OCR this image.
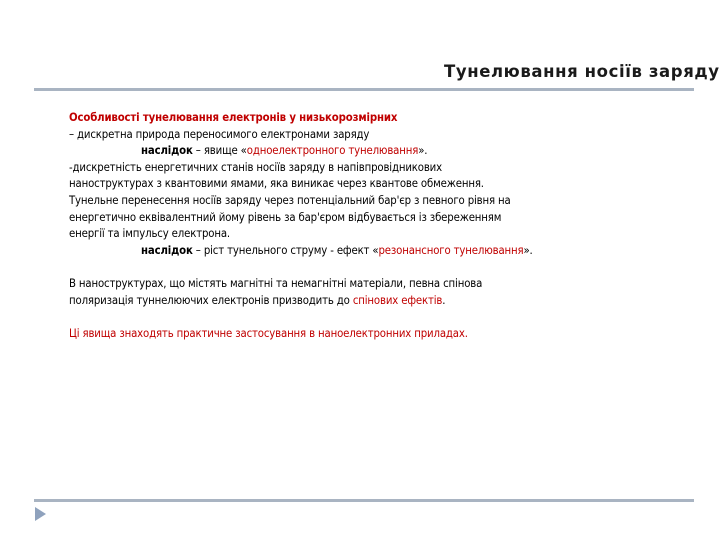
Тунелювання носіїв заряду
Особливості тунелювання електронів у низькорозмірних
– дискретна природа переносимого електронами заряду
наслідок – явище «одноелектронного тунелювання».
-дискретність енергетичних станів носіїв заряду в напівпровідникових
наноструктурах з квантовими ямами, яка виникає через квантове обмеження.
Тунельне перенесення носіїв заряду через потенціальний бар'єр з певного рівня на
енергетично еквівалентний йому рівень за бар'єром відбувається із збереженням
енергії та імпульсу електрона.
наслідок – ріст тунельного струму - ефект «резонансного тунелювання».
В наноструктурах, що містять магнітні та немагнітні матеріали, певна спінова
поляризація туннелюючих електронів призводить до спінових ефектів.
Ці явища знаходять практичне застосування в наноелектронних приладах.
